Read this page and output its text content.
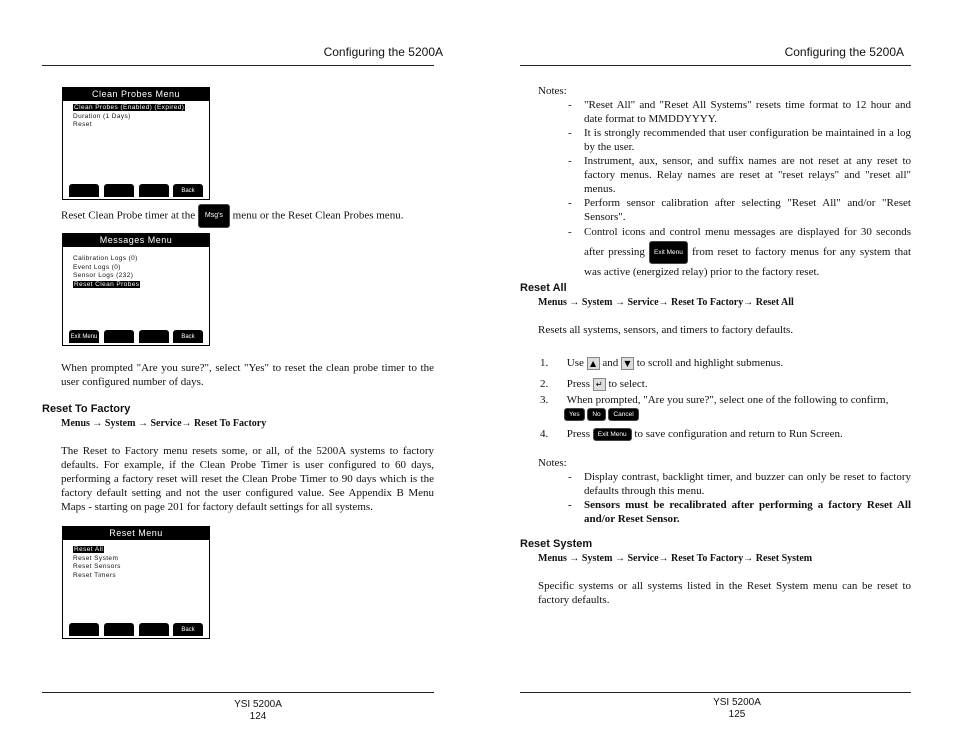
Configuring the 5200A
Clean Probes Menu
Clean Probes (Enabled) (Expired)
Duration (1 Days)
Reset
Back
Reset Clean Probe timer at the Msg's menu or the Reset Clean Probes menu.
Messages Menu
Calibration Logs (0)
Event Logs (0)
Sensor Logs (232)
Reset Clean Probes
Exit Menu	Back
When prompted "Are you sure?", select "Yes" to reset the clean probe timer to the user configured number of days.
Reset To Factory
Menus → System → Service→ Reset To Factory
The Reset to Factory menu resets some, or all, of the 5200A systems to factory defaults. For example, if the Clean Probe Timer is user configured to 60 days, performing a factory reset will reset the Clean Probe Timer to 90 days which is the factory default setting and not the user configured value. See Appendix B Menu Maps - starting on page 201 for factory default settings for all systems.
Reset Menu
Reset All
Reset System
Reset Sensors
Reset Timers
Back
YSI 5200A
124
Configuring the 5200A
Notes:
- "Reset All" and "Reset All Systems" resets time format to 12 hour and date format to MMDDYYYY.
- It is strongly recommended that user configuration be maintained in a log by the user.
- Instrument, aux, sensor, and suffix names are not reset at any reset to factory menus. Relay names are reset at "reset relays" and "reset all" menus.
- Perform sensor calibration after selecting "Reset All" and/or "Reset Sensors".
- Control icons and control menu messages are displayed for 30 seconds after pressing Exit Menu from reset to factory menus for any system that was active (energized relay) prior to the factory reset.
Reset All
Menus → System → Service→ Reset To Factory→ Reset All
Resets all systems, sensors, and timers to factory defaults.
1. Use ▲ and ▼ to scroll and highlight submenus.
2. Press ↵ to select.
3. When prompted, "Are you sure?", select one of the following to confirm,
Yes No Cancel
4. Press Exit Menu to save configuration and return to Run Screen.
Notes:
- Display contrast, backlight timer, and buzzer can only be reset to factory defaults through this menu.
- Sensors must be recalibrated after performing a factory Reset All and/or Reset Sensor.
Reset System
Menus → System → Service→ Reset To Factory→ Reset System
Specific systems or all systems listed in the Reset System menu can be reset to factory defaults.
YSI 5200A
125
